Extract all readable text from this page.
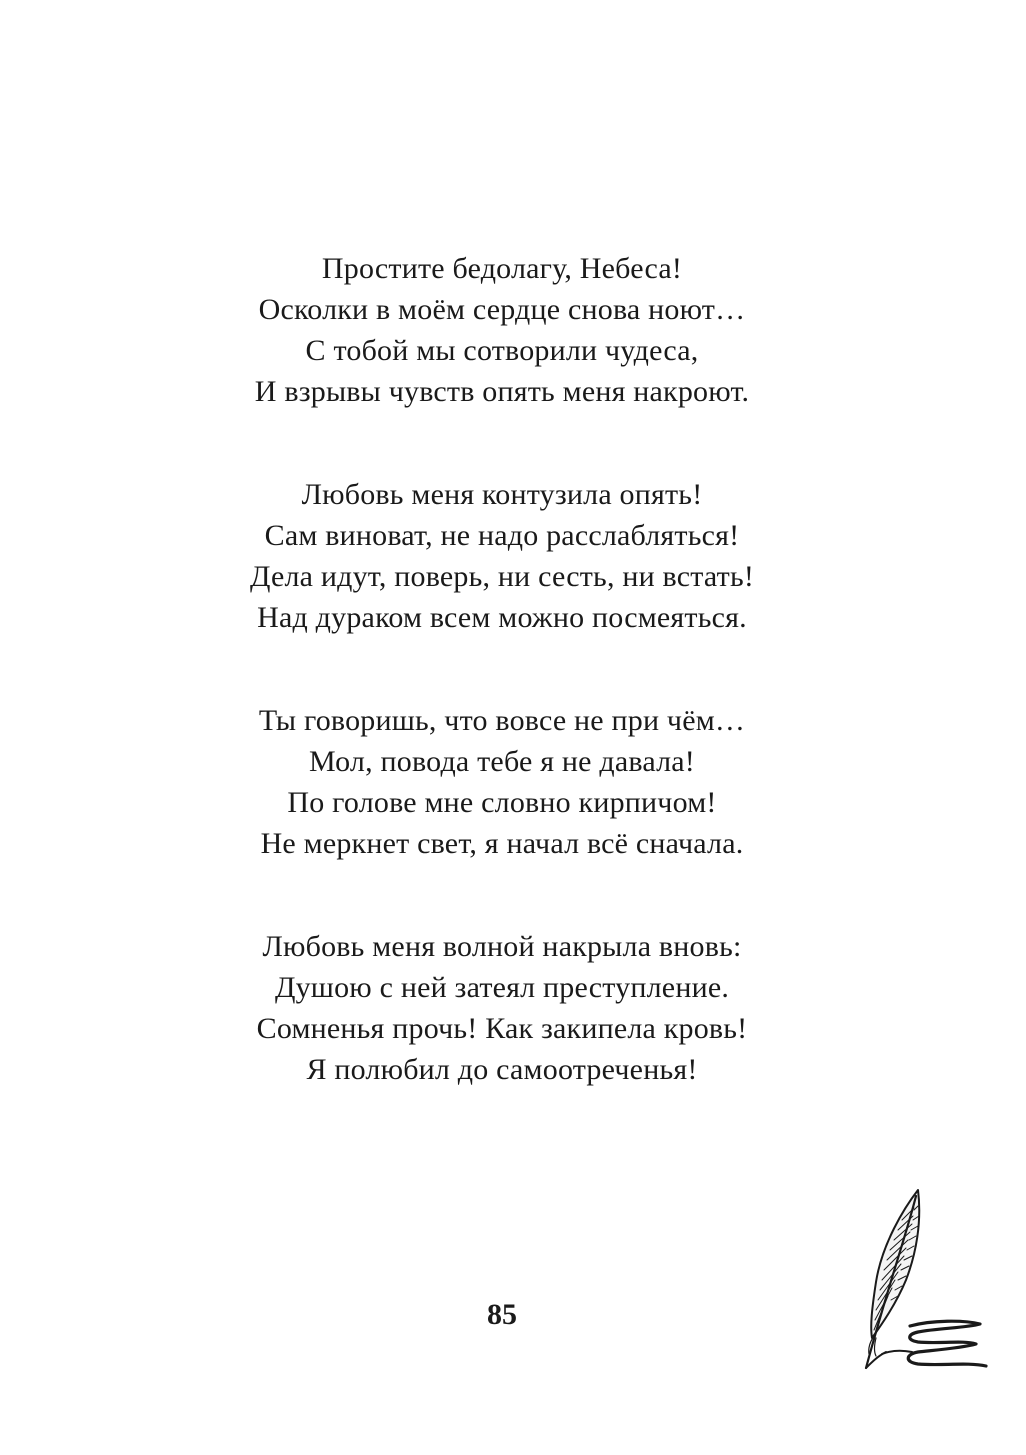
Простите бедолагу, Небеса!
Осколки в моём сердце снова ноют…
С тобой мы сотворили чудеса,
И взрывы чувств опять меня накроют.
Любовь меня контузила опять!
Сам виноват, не надо расслабляться!
Дела идут, поверь, ни сесть, ни встать!
Над дураком всем можно посмеяться.
Ты говоришь, что вовсе не при чём…
Мол, повода тебе я не давала!
По голове мне словно кирпичом!
Не меркнет свет, я начал всё сначала.
Любовь меня волной накрыла вновь:
Душою с ней затеял преступление.
Сомненья прочь! Как закипела кровь!
Я полюбил до самоотреченья!
85
